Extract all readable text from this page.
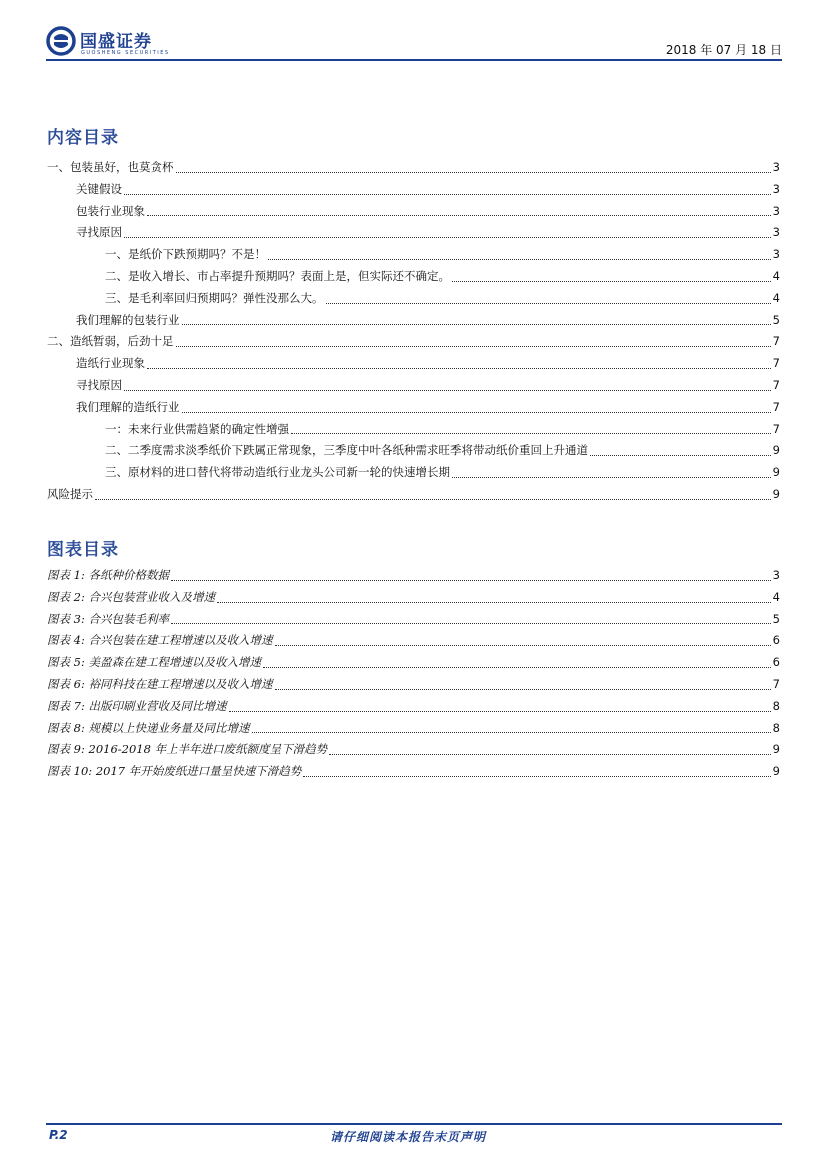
国盛证券
GUOSHENG SECURITIES	2018 年 07 月 18 日
内容目录
一、包装虽好，也莫贪杯	3
关键假设	3
包装行业现象	3
寻找原因	3
一、是纸价下跌预期吗？不是！	3
二、是收入增长、市占率提升预期吗？表面上是，但实际还不确定。	4
三、是毛利率回归预期吗？弹性没那么大。	4
我们理解的包装行业	5
二、造纸暂弱，后劲十足	7
造纸行业现象	7
寻找原因	7
我们理解的造纸行业	7
一：未来行业供需趋紧的确定性增强	7
二、二季度需求淡季纸价下跌属正常现象，三季度中叶各纸种需求旺季将带动纸价重回上升通道	9
三、原材料的进口替代将带动造纸行业龙头公司新一轮的快速增长期	9
风险提示	9
图表目录
图表 1: 各纸种价格数据	3
图表 2: 合兴包装营业收入及增速	4
图表 3: 合兴包装毛利率	5
图表 4: 合兴包装在建工程增速以及收入增速	6
图表 5: 美盈森在建工程增速以及收入增速	6
图表 6: 裕同科技在建工程增速以及收入增速	7
图表 7: 出版印刷业营收及同比增速	8
图表 8: 规模以上快递业务量及同比增速	8
图表 9: 2016-2018 年上半年进口废纸额度呈下滑趋势	9
图表 10: 2017 年开始废纸进口量呈快速下滑趋势	9
P.2	请仔细阅读本报告末页声明
